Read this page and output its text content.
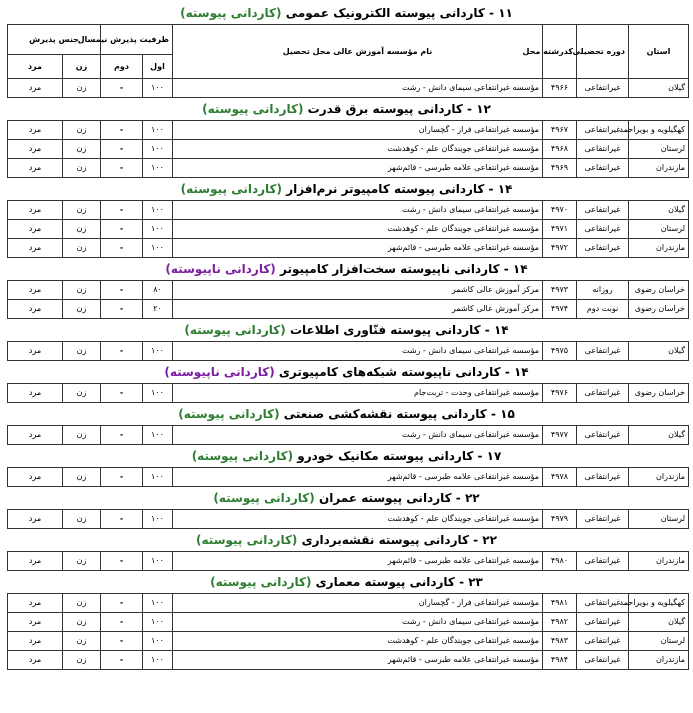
۱۱ - کاردانی پیوسته الکترونیک عمومی (کاردانی پیوسته)
استان	دوره تحصیلی	کدرشته محل	نام مؤسسه آموزش عالی محل تحصیل	ظرفیت پذیرش نیمسال		جنس پذیرش	
				اول	دوم	زن	مرد
گیلان	غیرانتفاعی	۴۹۶۶	مؤسسه غیرانتفاعی سیمای دانش - رشت	۱۰۰	-	زن	مرد
۱۲ - کاردانی پیوسته برق قدرت (کاردانی پیوسته)
کهگیلویه و بویراحمد	غیرانتفاعی	۴۹۶۷	مؤسسه غیرانتفاعی فراز - گچساران	۱۰۰	-	زن	مرد
لرستان	غیرانتفاعی	۴۹۶۸	مؤسسه غیرانتفاعی جویندگان علم - کوهدشت	۱۰۰	-	زن	مرد
مازندران	غیرانتفاعی	۴۹۶۹	مؤسسه غیرانتفاعی علامه طبرسی - قائم‌شهر	۱۰۰	-	زن	مرد
۱۴ - کاردانی پیوسته کامپیوتر نرم‌افزار (کاردانی پیوسته)
گیلان	غیرانتفاعی	۴۹۷۰	مؤسسه غیرانتفاعی سیمای دانش - رشت	۱۰۰	-	زن	مرد
لرستان	غیرانتفاعی	۴۹۷۱	مؤسسه غیرانتفاعی جویندگان علم - کوهدشت	۱۰۰	-	زن	مرد
مازندران	غیرانتفاعی	۴۹۷۲	مؤسسه غیرانتفاعی علامه طبرسی - قائم‌شهر	۱۰۰	-	زن	مرد
۱۴ - کاردانی ناپیوسته سخت‌افزار کامپیوتر (کاردانی ناپیوسته)
خراسان رضوی	روزانه	۴۹۷۳	مرکز آموزش عالی کاشمر	۸۰	-	زن	مرد
خراسان رضوی	نوبت دوم	۴۹۷۴	مرکز آموزش عالی کاشمر	۲۰	-	زن	مرد
۱۴ - کاردانی پیوسته فنّاوری اطلاعات (کاردانی پیوسته)
گیلان	غیرانتفاعی	۴۹۷۵	مؤسسه غیرانتفاعی سیمای دانش - رشت	۱۰۰	-	زن	مرد
۱۴ - کاردانی ناپیوسته شبکه‌های کامپیوتری (کاردانی ناپیوسته)
خراسان رضوی	غیرانتفاعی	۴۹۷۶	مؤسسه غیرانتفاعی وحدت - تربت‌جام	۱۰۰	-	زن	مرد
۱۵ - کاردانی پیوسته نقشه‌کشی صنعتی (کاردانی پیوسته)
گیلان	غیرانتفاعی	۴۹۷۷	مؤسسه غیرانتفاعی سیمای دانش - رشت	۱۰۰	-	زن	مرد
۱۷ - کاردانی پیوسته مکانیک خودرو (کاردانی پیوسته)
مازندران	غیرانتفاعی	۴۹۷۸	مؤسسه غیرانتفاعی علامه طبرسی - قائم‌شهر	۱۰۰	-	زن	مرد
۲۲ - کاردانی پیوسته عمران (کاردانی پیوسته)
لرستان	غیرانتفاعی	۴۹۷۹	مؤسسه غیرانتفاعی جویندگان علم - کوهدشت	۱۰۰	-	زن	مرد
۲۲ - کاردانی پیوسته نقشه‌برداری (کاردانی پیوسته)
مازندران	غیرانتفاعی	۴۹۸۰	مؤسسه غیرانتفاعی علامه طبرسی - قائم‌شهر	۱۰۰	-	زن	مرد
۲۳ - کاردانی پیوسته معماری (کاردانی پیوسته)
کهگیلویه و بویراحمد	غیرانتفاعی	۴۹۸۱	مؤسسه غیرانتفاعی فراز - گچساران	۱۰۰	-	زن	مرد
گیلان	غیرانتفاعی	۴۹۸۲	مؤسسه غیرانتفاعی سیمای دانش - رشت	۱۰۰	-	زن	مرد
لرستان	غیرانتفاعی	۴۹۸۳	مؤسسه غیرانتفاعی جویندگان علم - کوهدشت	۱۰۰	-	زن	مرد
مازندران	غیرانتفاعی	۴۹۸۴	مؤسسه غیرانتفاعی علامه طبرسی - قائم‌شهر	۱۰۰	-	زن	مرد
